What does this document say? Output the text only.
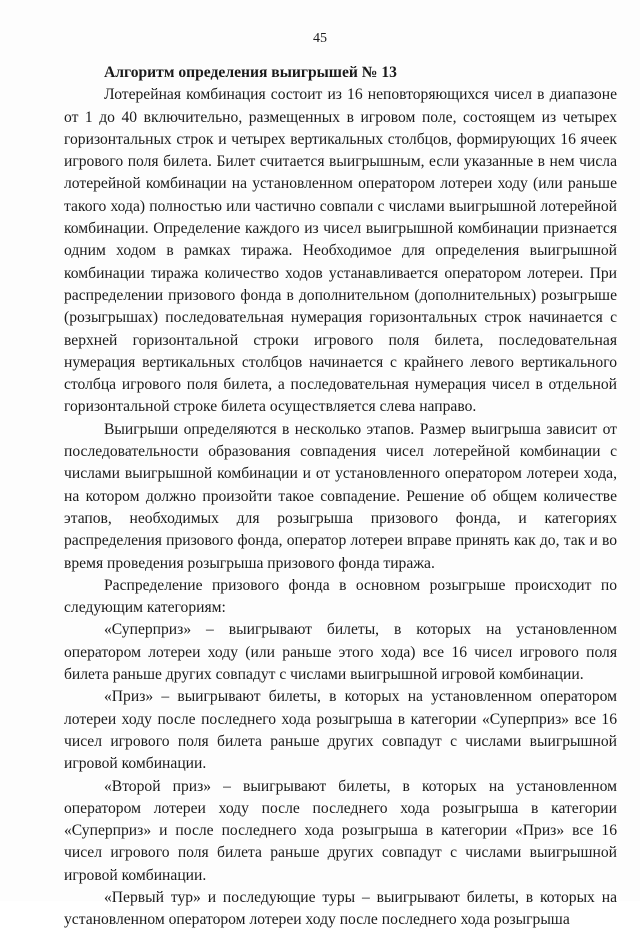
45
Алгоритм определения выигрышей № 13

Лотерейная комбинация состоит из 16 неповторяющихся чисел в диапазоне от 1 до 40 включительно, размещенных в игровом поле, состоящем из четырех горизонтальных строк и четырех вертикальных столбцов, формирующих 16 ячеек игрового поля билета. Билет считается выигрышным, если указанные в нем числа лотерейной комбинации на установленном оператором лотереи ходу (или раньше такого хода) полностью или частично совпали с числами выигрышной лотерейной комбинации. Определение каждого из чисел выигрышной комбинации признается одним ходом в рамках тиража. Необходимое для определения выигрышной комбинации тиража количество ходов устанавливается оператором лотереи. При распределении призового фонда в дополнительном (дополнительных) розыгрыше (розыгрышах) последовательная нумерация горизонтальных строк начинается с верхней горизонтальной строки игрового поля билета, последовательная нумерация вертикальных столбцов начинается с крайнего левого вертикального столбца игрового поля билета, а последовательная нумерация чисел в отдельной горизонтальной строке билета осуществляется слева направо.

Выигрыши определяются в несколько этапов. Размер выигрыша зависит от последовательности образования совпадения чисел лотерейной комбинации с числами выигрышной комбинации и от установленного оператором лотереи хода, на котором должно произойти такое совпадение. Решение об общем количестве этапов, необходимых для розыгрыша призового фонда, и категориях распределения призового фонда, оператор лотереи вправе принять как до, так и во время проведения розыгрыша призового фонда тиража.

Распределение призового фонда в основном розыгрыше происходит по следующим категориям:

«Суперприз» – выигрывают билеты, в которых на установленном оператором лотереи ходу (или раньше этого хода) все 16 чисел игрового поля билета раньше других совпадут с числами выигрышной игровой комбинации.

«Приз» – выигрывают билеты, в которых на установленном оператором лотереи ходу после последнего хода розыгрыша в категории «Суперприз» все 16 чисел игрового поля билета раньше других совпадут с числами выигрышной игровой комбинации.

«Второй приз» – выигрывают билеты, в которых на установленном оператором лотереи ходу после последнего хода розыгрыша в категории «Суперприз» и после последнего хода розыгрыша в категории «Приз» все 16 чисел игрового поля билета раньше других совпадут с числами выигрышной игровой комбинации.

«Первый тур» и последующие туры – выигрывают билеты, в которых на установленном оператором лотереи ходу после последнего хода розыгрыша
